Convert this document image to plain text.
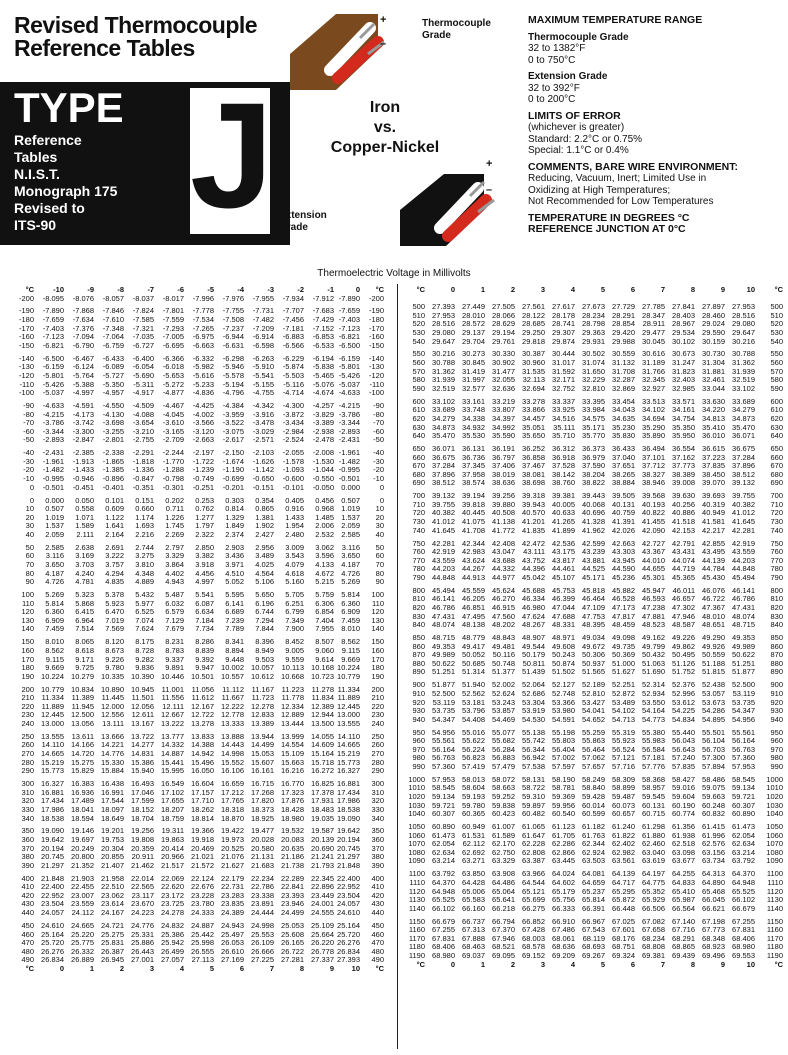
Revised Thermocouple
Reference Tables
TYPE
Reference
Tables
N.I.S.T.
Monograph 175
Revised to
ITS-90 J
+
–
Thermocouple
Grade
Iron
vs.
Copper-Nickel
+
–
Extension
Grade
MAXIMUM TEMPERATURE RANGE
Thermocouple Grade
32 to 1382°F
0 to 750°C
Extension Grade
32 to 392°F
0 to 200°C
LIMITS OF ERROR
(whichever is greater)
Standard: 2.2°C or 0.75%
Special: 1.1°C or 0.4%
COMMENTS, BARE WIRE ENVIRONMENT:
Reducing, Vacuum, Inert; Limited Use in
Oxidizing at High Temperatures;
Not Recommended for Low Temperatures
TEMPERATURE IN DEGREES °C
REFERENCE JUNCTION AT 0°C
Thermoelectric Voltage in Millivolts
°C	-10	-9	-8	-7	-6	-5	-4	-3	-2	-1	0	°C
-200	-8.095	-8.076	-8.057	-8.037	-8.017	-7.996	-7.976	-7.955	-7.934	-7.912 -7.890	-200
-190	-7.890	-7.868	-7.846	-7.824	-7.801	-7.778	-7.755	-7.731	-7.707	-7.683 -7.659	-190
-180	-7.659	-7.634	-7.610	-7.585	-7.559	-7.534	-7.508	-7.482	-7.456	-7.429 -7.403	-180
-170	-7.403	-7.376	-7.348	-7.321	-7.293	-7.265	-7.237	-7.209	-7.181	-7.152 -7.123	-170
-160	-7.123	-7.094	-7.064	-7.035	-7.005	-6.975	-6.944	-6.914	-6.883	-6.853 -6.821	-160
-150	-6.821	-6.790	-6.759	-6.727	-6.695	-6.663	-6.631	-6.598	-6.566	-6.533 -6.500	-150
-140	-6.500	-6.467	-6.433	-6.400	-6.366	-6.332	-6.298	-6.263	-6.229	-6.194 -6.159	-140
-130	-6.159	-6.124	-6.089	-6.054	-6.018	-5.982	-5.946	-5.910	-5.874	-5.838 -5.801	-130
-120	-5.801	-5.764	-5.727	-5.690	-5.653	-5.616	-5.578	-5.541	-5.503	-5.465 -5.426	-120
-110	-5.426	-5.388	-5.350	-5.311	-5.272	-5.233	-5.194	-5.155	-5.116	-5.076 -5.037	-110
-100	-5.037	-4.997	-4.957	-4.917	-4.877	-4.836	-4.796	-4.755	-4.714	-4.674 -4.633	-100
-90	-4.633	-4.591	-4.550	-4.509	-4.467	-4.425	-4.384	-4.342	-4.300	-4.257 -4.215	-90
-80	-4.215	-4.173	-4.130	-4.088	-4.045	-4.002	-3.959	-3.916	-3.872	-3.829 -3.786	-80
-70	-3.786	-3.742	-3.698	-3.654	-3.610	-3.566	-3.522	-3.478	-3.434	-3.389 -3.344	-70
-60	-3.344	-3.300	-3.255	-3.210	-3.165	-3.120	-3.075	-3.029	-2.984	-2.938 -2.893	-60
-50	-2.893	-2.847	-2.801	-2.755	-2.709	-2.663	-2.617	-2.571	-2.524	-2.478 -2.431	-50
-40	-2.431	-2.385	-2.338	-2.291	-2.244	-2.197	-2.150	-2.103	-2.055	-2.008 -1.961	-40
-30	-1.961	-1.913	-1.865	-1.818	-1.770	-1.722	-1.674	-1.626	-1.578	-1.530 -1.482	-30
-20	-1.482	-1.433	-1.385	-1.336	-1.288	-1.239	-1.190	-1.142	-1.093	-1.044 -0.995	-20
-10	-0.995	-0.946	-0.896	-0.847	-0.798	-0.749	-0.699	-0.650	-0.600	-0.550 -0.501	-10
0	-0.501	-0.451	-0.401	-0.351	-0.301	-0.251	-0.201	-0.151	-0.101	-0.050 0.000	0
0	0.000	0.050	0.101	0.151	0.202	0.253	0.303	0.354	0.405	0.456 0.507	0
10	0.507	0.558	0.609	0.660	0.711	0.762	0.814	0.865	0.916	0.968 1.019	10
20	1.019	1.071	1.122	1.174	1.226	1.277	1.329	1.381	1.433	1.485 1.537	20
30	1.537	1.589	1.641	1.693	1.745	1.797	1.849	1.902	1.954	2.006 2.059	30
40	2.059	2.111	2.164	2.216	2.269	2.322	2.374	2.427	2.480	2.532 2.585	40
50	2.585	2.638	2.691	2.744	2.797	2.850	2.903	2.956	3.009	3.062	3.116	50
60	3.116	3.169	3.222	3.275	3.329	3.382	3.436	3.489	3.543	3.596 3.650	60
70	3.650	3.703	3.757	3.810	3.864	3.918	3.971	4.025	4.079	4.133 4.187	70
80	4.187	4.240	4.294	4.348	4.402	4.456	4.510	4.564	4.618	4.672 4.726	80
90	4.726	4.781	4.835	4.889	4.943	4.997	5.052	5.106	5.160	5.215 5.269	90
100	5.269	5.323	5.378	5.432	5.487	5.541	5.595	5.650	5.705	5.759 5.814	100
110	5.814	5.868	5.923	5.977	6.032	6.087	6.141	6.196	6.251	6.306 6.360	110
120	6.360	6.415	6.470	6.525	6.579	6.634	6.689	6.744	6.799	6.854 6.909	120
130	6.909	6.964	7.019	7.074	7.129	7.184	7.239	7.294	7.349	7.404 7.459	130
140	7.459	7.514	7.569	7.624	7.679	7.734	7.789	7.844	7.900	7.955 8.010	140
150	8.010	8.065	8.120	8.175	8.231	8.286	8.341	8.396	8.452	8.507 8.562	150
160	8.562	8.618	8.673	8.728	8.783	8.839	8.894	8.949	9.005	9.060	9.115	160
170	9.115	9.171	9.226	9.282	9.337	9.392	9.448	9.503	9.559	9.614 9.669	170
180	9.669	9.725	9.780	9.836	9.891	9.947 10.002 10.057	10.113 10.168 10.224	180
190 10.224 10.279 10.335 10.390 10.446 10.501 10.557 10.612 10.668 10.723 10.779	190
200 10.779 10.834 10.890 10.945	11.001	11.056	11.112	11.167	11.223	11.278 11.334	200
210	11.334	11.389	11.445	11.501	11.556	11.612	11.667	11.723	11.778	11.834 11.889	210
220	11.889	11.945 12.000 12.056	12.111 12.167 12.222 12.278 12.334 12.389 12.445	220
230 12.445 12.500 12.556	12.611 12.667 12.722 12.778 12.833 12.889 12.944 13.000	230
240 13.000 13.056	13.111 13.167 13.222 13.278 13.333 13.389 13.444 13.500 13.555	240
250 13.555	13.611 13.666 13.722 13.777 13.833 13.888 13.944 13.999 14.055 14.110	250
260	14.110 14.166 14.221 14.277 14.332 14.388 14.443 14.499 14.554 14.609 14.665	260
270 14.665 14.720 14.776 14.831 14.887 14.942 14.998 15.053 15.109 15.164 15.219	270
280 15.219 15.275 15.330 15.386 15.441 15.496 15.552 15.607 15.663 15.718 15.773	280
290 15.773 15.829 15.884 15.940 15.995 16.050 16.106 16.161 16.216 16.272 16.327	290
300 16.327 16.383 16.438 16.493 16.549 16.604 16.659 16.715 16.770 16.825 16.881	300
310 16.881 16.936 16.991 17.046 17.102 17.157 17.212 17.268 17.323 17.378 17.434	310
320 17.434 17.489 17.544 17.599 17.655 17.710 17.765 17.820 17.876 17.931 17.986	320
330 17.986 18.041 18.097 18.152 18.207 18.262 18.318 18.373 18.428 18.483 18.538	330
340 18.538 18.594 18.649 18.704 18.759 18.814 18.870 18.925 18.980 19.035 19.090	340
350 19.090 19.146 19.201 19.256	19.311 19.366 19.422 19.477 19.532 19.587 19.642	350
360 19.642 19.697 19.753 19.808 19.863 19.918 19.973 20.028 20.083 20.139 20.194	360
370 20.194 20.249 20.304 20.359 20.414 20.469 20.525 20.580 20.635 20.690 20.745	370
380 20.745 20.800 20.855	20.911 20.966 21.021 21.076 21.131 21.186 21.241 21.297	380
390 21.297 21.352 21.407 21.462 21.517 21.572 21.627 21.683 21.738 21.793 21.848	390
400 21.848 21.903 21.958 22.014 22.069 22.124 22.179 22.234 22.289 22.345 22.400	400
410 22.400 22.455 22.510 22.565 22.620 22.676 22.731 22.786 22.841 22.896 22.952	410
420 22.952 23.007 23.062	23.117 23.172 23.228 23.283 23.338 23.393 23.449 23.504	420
430 23.504 23.559 23.614 23.670 23.725 23.780 23.835 23.891 23.946 24.001 24.057	430
440 24.057	24.112 24.167 24.223 24.278 24.333 24.389 24.444 24.499 24.555 24.610	440
450 24.610 24.665 24.721 24.776 24.832 24.887 24.943 24.998 25.053 25.109 25.164	450
460 25.164 25.220 25.275 25.331 25.386 25.442 25.497 25.553 25.608 25.664 25.720	460
470 25.720 25.775 25.831 25.886 25.942 25.998 26.053 26.109 26.165 26.220 26.276	470
480 26.276 26.332 26.387 26.443 26.499 26.555 26.610 26.666 26.722 26.778 26.834	480
490 26.834 26.889 26.945 27.001 27.057	27.113 27.169 27.225 27.281 27.337 27.393	490
°C	0	1	2	3	4	5	6	7	8	9	10	°C
°C	0	1	2	3	4	5	6	7	8	9	10	°C
500 27.393 27.449 27.505 27.561 27.617 27.673 27.729 27.785 27.841 27.897 27.953	500
510 27.953 28.010 28.066 28.122 28.178 28.234 28.291 28.347 28.403 28.460 28.516	510
520 28.516 28.572 28.629 28.685 28.741 28.798 28.854	28.911 28.967 29.024 29.080	520
530 29.080 29.137 29.194 29.250 29.307 29.363 29.420 29.477 29.534 29.590 29.647	530
540 29.647 29.704 29.761 29.818 29.874 29.931 29.988 30.045 30.102 30.159 30.216	540
550 30.216 30.273 30.330 30.387 30.444 30.502 30.559 30.616 30.673 30.730 30.788	550
560 30.788 30.845 30.902 30.960 31.017 31.074 31.132 31.189 31.247 31.304 31.362	560
570 31.362 31.419 31.477 31.535 31.592 31.650 31.708 31.766 31.823 31.881 31.939	570
580 31.939 31.997 32.055	32.113 32.171 32.229 32.287 32.345 32.403 32.461 32.519	580
590 32.519 32.577 32.636 32.694 32.752 32.810 32.869 32.927 32.985 33.044 33.102	590
600 33.102 33.161 33.219 33.278 33.337 33.395 33.454 33.513 33.571 33.630 33.689	600
610 33.689 33.748 33.807 33.866 33.925 33.984 34.043 34.102 34.161 34.220 34.279	610
620 34.279 34.338 34.397 34.457 34.516 34.575 34.635 34.694 34.754 34.813 34.873	620
630 34.873 34.932 34.992 35.051	35.111 35.171 35.230 35.290 35.350 35.410 35.470	630
640 35.470 35.530 35.590 35.650 35.710 35.770 35.830 35.890 35.950 36.010 36.071	640
650 36.071 36.131 36.191 36.252 36.312 36.373 36.433 36.494 36.554 36.615 36.675	650
660 36.675 36.736 36.797 36.858 36.918 36.979 37.040 37.101 37.162 37.223 37.284	660
670 37.284 37.345 37.406 37.467 37.528 37.590 37.651 37.712 37.773 37.835 37.896	670
680 37.896 37.958 38.019 38.081 38.142 38.204 38.265 38.327 38.389 38.450 38.512	680
690 38.512 38.574 38.636 38.698 38.760 38.822 38.884 38.946 39.008 39.070 39.132	690
700 39.132 39.194 39.256 39.318 39.381 39.443 39.505 39.568 39.630 39.693 39.755	700
710 39.755 39.818 39.880 39.943 40.005 40.068 40.131 40.193 40.256 40.319 40.382	710
720 40.382 40.445 40.508 40.570 40.633 40.696 40.759 40.822 40.886 40.949 41.012	720
730 41.012 41.075 41.138 41.201 41.265 41.328 41.391 41.455 41.518 41.581 41.645	730
740 41.645 41.708 41.772 41.835 41.899 41.962 42.026 42.090 42.153 42.217 42.281	740
750 42.281 42.344 42.408 42.472 42.536 42.599 42.663 42.727 42.791 42.855 42.919	750
760 42.919 42.983 43.047	43.111 43.175 43.239 43.303 43.367 43.431 43.495 43.559	760
770 43.559 43.624 43.688 43.752 43.817 43.881 43.945 44.010 44.074 44.139 44.203	770
780 44.203 44.267 44.332 44.396 44.461 44.525 44.590 44.655 44.719 44.784 44.848	780
790 44.848 44.913 44.977 45.042 45.107 45.171 45.236 45.301 45.365 45.430 45.494	790
800 45.494 45.559 45.624 45.688 45.753 45.818 45.882 45.947	46.011 46.076 46.141	800
810 46.141 46.205 46.270 46.334 46.399 46.464 46.528 46.593 46.657 46.722 46.786	810
820 46.786 46.851 46.915 46.980 47.044 47.109 47.173 47.238 47.302 47.367 47.431	820
830 47.431 47.495 47.560 47.624 47.688 47.753 47.817 47.881 47.946 48.010 48.074	830
840 48.074 48.138 48.202 48.267 48.331 48.395 48.459 48.523 48.587 48.651 48.715	840
850 48.715 48.779 48.843 48.907 48.971 49.034 49.098 49.162 49.226 49.290 49.353	850
860 49.353 49.417 49.481 49.544 49.608 49.672 49.735 49.799 49.862 49.926 49.989	860
870 49.989 50.052	50.116 50.179 50.243 50.306 50.369 50.432 50.495 50.559 50.622	870
880 50.622 50.685 50.748	50.811 50.874 50.937 51.000 51.063 51.126 51.188 51.251	880
890 51.251 51.314 51.377 51.439 51.502 51.565 51.627 51.690 51.752 51.815 51.877	890
900 51.877 51.940 52.002 52.064 52.127 52.189 52.251 52.314 52.376 52.438 52.500	900
910 52.500 52.562 52.624 52.686 52.748 52.810 52.872 52.934 52.996 53.057	53.119	910
920	53.119 53.181 53.243 53.304 53.366 53.427 53.489 53.550 53.612 53.673 53.735	920
930 53.735 53.796 53.857 53.919 53.980 54.041 54.102 54.164 54.225 54.286 54.347	930
940 54.347 54.408 54.469 54.530 54.591 54.652 54.713 54.773 54.834 54.895 54.956	940
950 54.956 55.016 55.077 55.138 55.198 55.259 55.319 55.380 55.440 55.501 55.561	950
960 55.561 55.622 55.682 55.742 55.803 55.863 55.923 55.983 56.043 56.104 56.164	960
970 56.164 56.224 56.284 56.344 56.404 56.464 56.524 56.584 56.643 56.703 56.763	970
980 56.763 56.823 56.883 56.942 57.002 57.062 57.121 57.181 57.240 57.300 57.360	980
990 57.360 57.419 57.479 57.538 57.597 57.657 57.716 57.776 57.835 57.894 57.953	990
1000 57.953 58.013 58.072 58.131 58.190 58.249 58.309 58.368 58.427 58.486 58.545	1000
1010 58.545 58.604 58.663 58.722 58.781 58.840 58.899 58.957 59.016 59.075 59.134	1010
1020 59.134 59.193 59.252 59.310 59.369 59.428 59.487 59.545 59.604 59.663 59.721	1020
1030 59.721 59.780 59.838 59.897 59.956 60.014 60.073 60.131 60.190 60.248 60.307	1030
1040 60.307 60.365 60.423 60.482 60.540 60.599 60.657 60.715 60.774 60.832 60.890	1040
1050 60.890 60.949 61.007 61.065 61.123 61.182 61.240 61.298 61.356 61.415 61.473	1050
1060 61.473 61.531 61.589 61.647 61.705 61.763 61.822 61.880 61.938 61.996 62.054	1060
1070 62.054	62.112 62.170 62.228 62.286 62.344 62.402 62.460 62.518 62.576 62.634	1070
1080 62.634 62.692 62.750 62.808 62.866 62.924 62.982 63.040 63.098 63.156 63.214	1080
1090 63.214 63.271 63.329 63.387 63.445 63.503 63.561 63.619 63.677 63.734 63.792	1090
1100 63.792 63.850 63.908 63.966 64.024 64.081 64.139 64.197 64.255 64.313 64.370	1100
1110 64.370 64.428 64.486 64.544 64.602 64.659 64.717 64.775 64.833 64.890 64.948	1110
1120 64.948 65.006 65.064 65.121 65.179 65.237 65.295 65.352 65.410 65.468 65.525	1120
1130 65.525 65.583 65.641 65.699 65.756 65.814 65.872 65.929 65.987 66.045 66.102	1130
1140 66.102 66.160 66.218 66.275 66.333 66.391 66.448 66.506 66.564 66.621 66.679	1140
1150 66.679 66.737 66.794 66.852 66.910 66.967 67.025 67.082 67.140 67.198 67.255	1150
1160 67.255 67.313 67.370 67.428 67.486 67.543 67.601 67.658 67.716 67.773 67.831	1160
1170 67.831 67.888 67.946 68.003 68.061	68.119 68.176 68.234 68.291 68.348 68.406	1170
1180 68.406 68.463 68.521 68.578 68.636 68.693 68.751 68.808 68.865 68.923 68.980	1180
1190 68.980 69.037 69.095 69.152 69.209 69.267 69.324 69.381 69.439 69.496 69.553	1190
°C	0	1	2	3	4	5	6	7	8	9	10	°C
